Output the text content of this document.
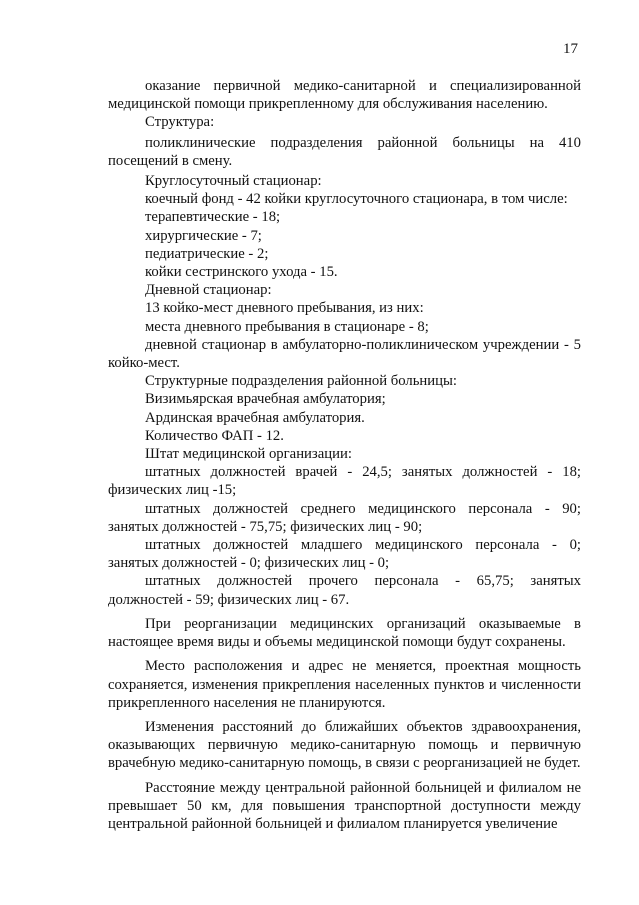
17

оказание первичной медико-санитарной и специализированной медицинской помощи прикрепленному для обслуживания населению.

Структура:

поликлинические подразделения районной больницы на 410 посещений в смену.

Круглосуточный стационар:

коечный фонд - 42 койки круглосуточного стационара, в том числе:

терапевтические - 18;

хирургические - 7;

педиатрические - 2;

койки сестринского ухода - 15.

Дневной стационар:

13 койко-мест дневного пребывания, из них:

места дневного пребывания в стационаре - 8;

дневной стационар в амбулаторно-поликлиническом учреждении - 5 койко-мест.

Структурные подразделения районной больницы:

Визимьярская врачебная амбулатория;

Ардинская врачебная амбулатория.

Количество ФАП - 12.

Штат медицинской организации:

штатных должностей врачей - 24,5; занятых должностей - 18; физических лиц -15;

штатных должностей среднего медицинского персонала - 90; занятых должностей - 75,75; физических лиц - 90;

штатных должностей младшего медицинского персонала - 0; занятых должностей - 0; физических лиц - 0;

штатных должностей прочего персонала - 65,75; занятых должностей - 59; физических лиц - 67.

При реорганизации медицинских организаций оказываемые в настоящее время виды и объемы медицинской помощи будут сохранены.

Место расположения и адрес не меняется, проектная мощность сохраняется, изменения прикрепления населенных пунктов и численности прикрепленного населения не планируются.

Изменения расстояний до ближайших объектов здравоохранения, оказывающих первичную медико-санитарную помощь и первичную врачебную медико-санитарную помощь, в связи с реорганизацией не будет.

Расстояние между центральной районной больницей и филиалом не превышает 50 км, для повышения транспортной доступности между центральной районной больницей и филиалом планируется увеличение
